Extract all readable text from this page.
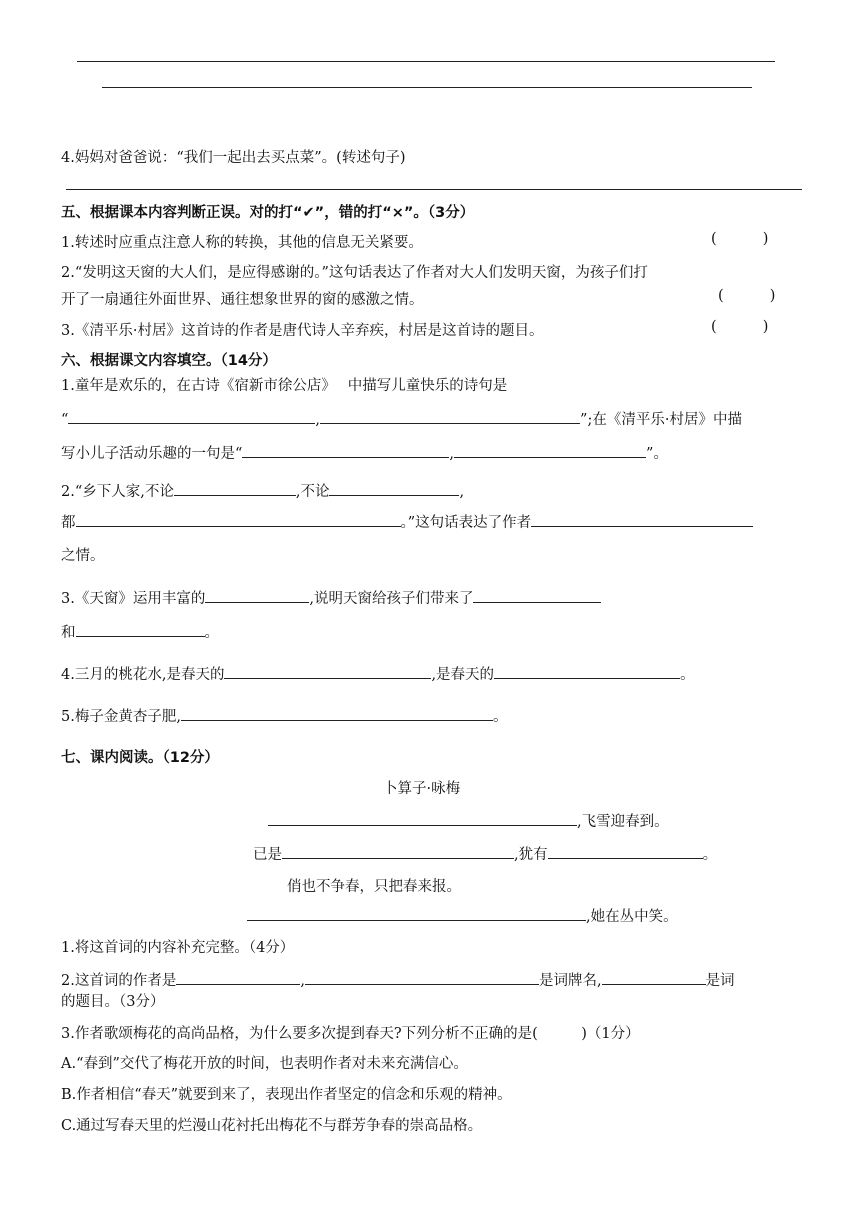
4.妈妈对爸爸说：“我们一起出去买点菜”。(转述句子)
五、根据课本内容判断正误。对的打“✔”，错的打“×”。（3分）
1.转述时应重点注意人称的转换，其他的信息无关紧要。	(          )
2.“发明这天窗的大人们，是应得感谢的。”这句话表达了作者对大人们发明天窗，为孩子们打
开了一扇通往外面世界、通往想象世界的窗的感激之情。	(          )
3.《清平乐·村居》这首诗的作者是唐代诗人辛弃疾，村居是这首诗的题目。	(          )
六、根据课文内容填空。（14分）
1.童年是欢乐的，在古诗《宿新市徐公店》　 中描写儿童快乐的诗句是
“	,	”;在《清平乐·村居》中描
写小儿子活动乐趣的一句是“	,	”。
2.“乡下人家,不论	,不论	,
都	。”这句话表达了作者
之情。
3.《天窗》运用丰富的	,说明天窗给孩子们带来了
和	。
4.三月的桃花水,是春天的	,是春天的	。
5.梅子金黄杏子肥,	。
七、课内阅读。（12分）
卜算子·咏梅
,飞雪迎春到。
已是	,犹有	。
俏也不争春，只把春来报。
,她在丛中笑。
1.将这首词的内容补充完整。（4分）
2.这首词的作者是	,	是词牌名,	是词
的题目。（3分）
3.作者歌颂梅花的高尚品格，为什么要多次提到春天?下列分析不正确的是(　　　)（1分）
A.“春到”交代了梅花开放的时间，也表明作者对未来充满信心。
B.作者相信“春天”就要到来了，表现出作者坚定的信念和乐观的精神。
C.通过写春天里的烂漫山花衬托出梅花不与群芳争春的崇高品格。
